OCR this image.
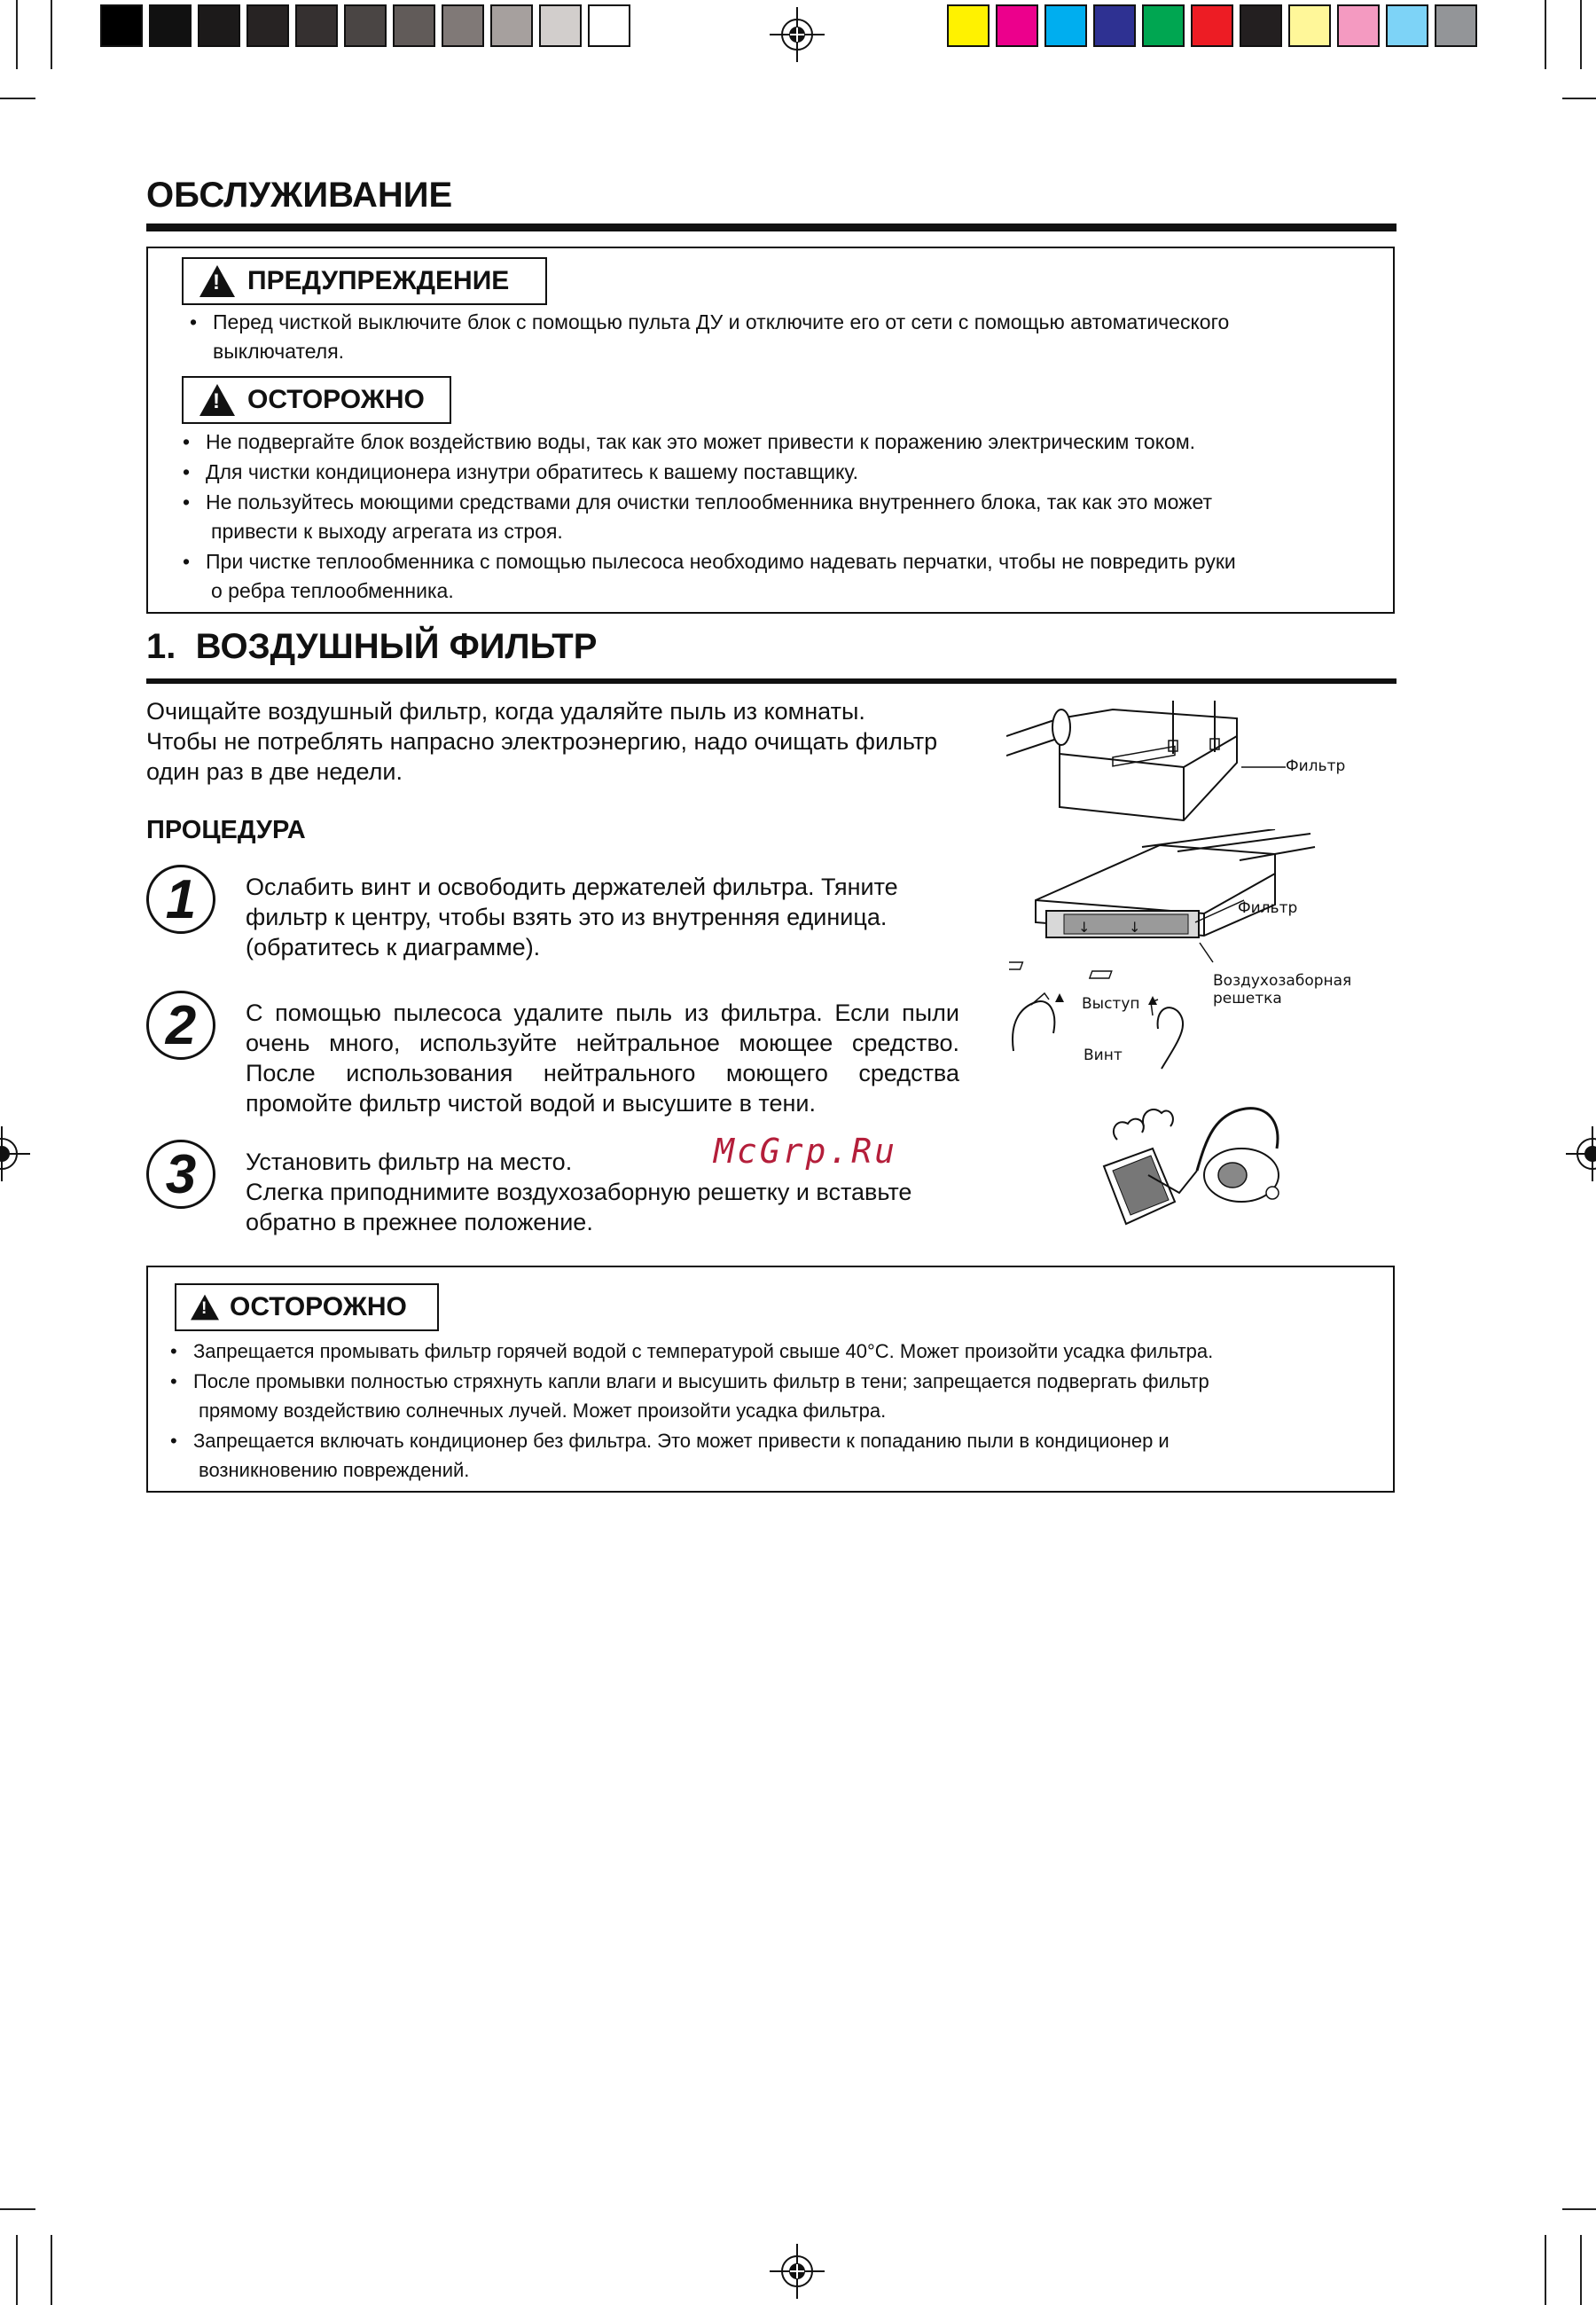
ОБСЛУЖИВАНИЕ
!
ПРЕДУПРЕЖДЕНИЕ
• Перед чисткой выключите блок с помощью пульта ДУ и отключите его от сети с помощью автоматического
выключателя.
!
ОСТОРОЖНО
• Не подвергайте блок воздействию воды, так как это может привести к поражению электрическим током.
• Для чистки кондиционера изнутри обратитесь к вашему поставщику.
• Не пользуйтесь моющими средствами для очистки теплообменника внутреннего блока, так как это может
привести к выходу агрегата из строя.
• При чистке теплообменника с помощью пылесоса необходимо надевать перчатки, чтобы не повредить руки
о ребра теплообменника.
1.  ВОЗДУШНЫЙ ФИЛЬТР
Очищайте воздушный фильтр, когда удаляйте пыль из комнаты.
Чтобы не потреблять напрасно электроэнергию, надо очищать фильтр
один раз в две недели.
ПРОЦЕДУРА
1	Ослабить винт и освободить держателей фильтра. Тяните
фильтр к центру, чтобы взять это из внутренняя единица.
(обратитесь к диаграмме).
2	С помощью пылесоса удалите пыль из фильтра. Если пыли
очень много, используйте нейтральное моющее средство.
После использования нейтрального моющего средства
промойте фильтр чистой водой и высушите в тени.
3	Установить фильтр на место.
Слегка приподнимите воздухозаборную решетку и вставьте
обратно в прежнее положение.
McGrp.Ru
Фильтр
↓	↓
Фильтр
Воздухозаборная
решетка
Выступ
Винт
!
ОСТОРОЖНО
• Запрещается промывать фильтр горячей водой с температурой свыше 40°C. Может произойти усадка фильтра.
• После промывки полностью стряхнуть капли влаги и высушить фильтр в тени; запрещается подвергать фильтр
прямому воздействию солнечных лучей. Может произойти усадка фильтра.
• Запрещается включать кондиционер без фильтра. Это может привести к попаданию пыли в кондиционер и
возникновению повреждений.
